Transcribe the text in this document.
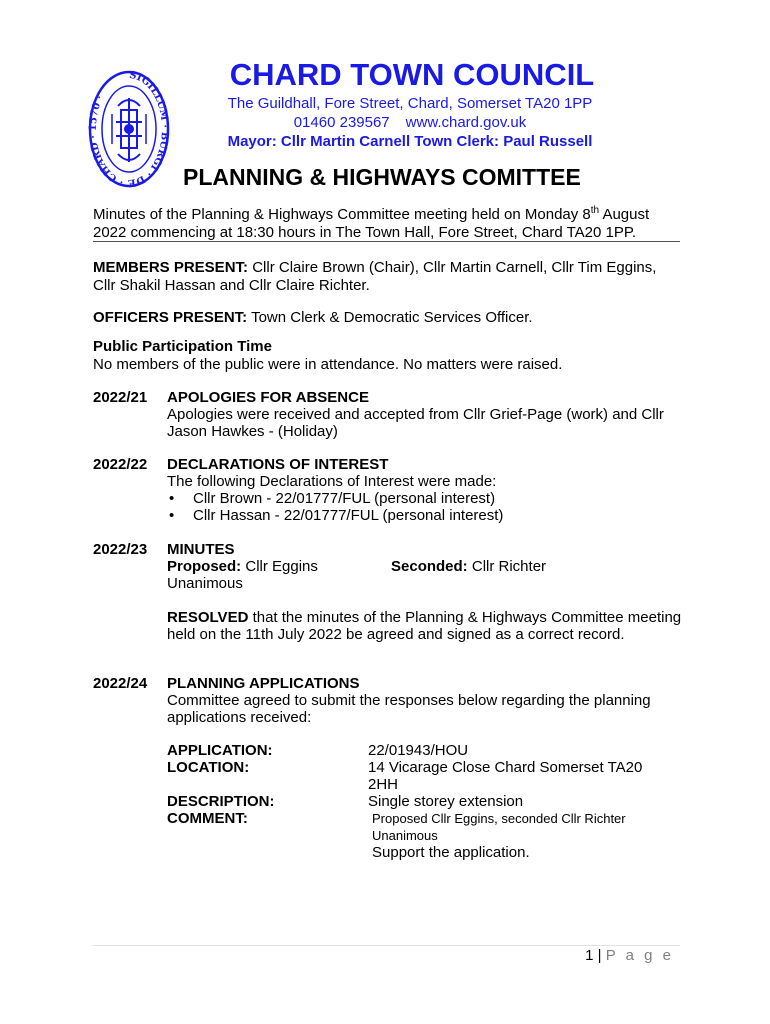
SIGILLUM · BURGI · DE · CHARD · 1570 ·
CHARD TOWN COUNCIL
The Guildhall, Fore Street, Chard, Somerset TA20 1PP
01460 239567 www.chard.gov.uk
Mayor: Cllr Martin Carnell Town Clerk: Paul Russell
PLANNING & HIGHWAYS COMITTEE
Minutes of the Planning & Highways Committee meeting held on Monday 8th August 2022 commencing at 18:30 hours in The Town Hall, Fore Street, Chard TA20 1PP.
MEMBERS PRESENT: Cllr Claire Brown (Chair), Cllr Martin Carnell, Cllr Tim Eggins, Cllr Shakil Hassan and Cllr Claire Richter.
OFFICERS PRESENT: Town Clerk & Democratic Services Officer.
Public Participation Time
No members of the public were in attendance. No matters were raised.
2022/21 APOLOGIES FOR ABSENCE
Apologies were received and accepted from Cllr Grief-Page (work) and Cllr Jason Hawkes - (Holiday)
2022/22 DECLARATIONS OF INTEREST
The following Declarations of Interest were made:
•	Cllr Brown - 22/01777/FUL (personal interest)
•	Cllr Hassan - 22/01777/FUL (personal interest)
2022/23 MINUTES
Proposed: Cllr Eggins	Seconded: Cllr Richter
Unanimous
RESOLVED that the minutes of the Planning & Highways Committee meeting held on the 11th July 2022 be agreed and signed as a correct record.
2022/24 PLANNING APPLICATIONS
Committee agreed to submit the responses below regarding the planning applications received:
APPLICATION:	22/01943/HOU
LOCATION:	14 Vicarage Close Chard Somerset TA20 2HH
DESCRIPTION:	Single storey extension
COMMENT:	Proposed Cllr Eggins, seconded Cllr Richter
Unanimous
Support the application.
1 | P a g e
